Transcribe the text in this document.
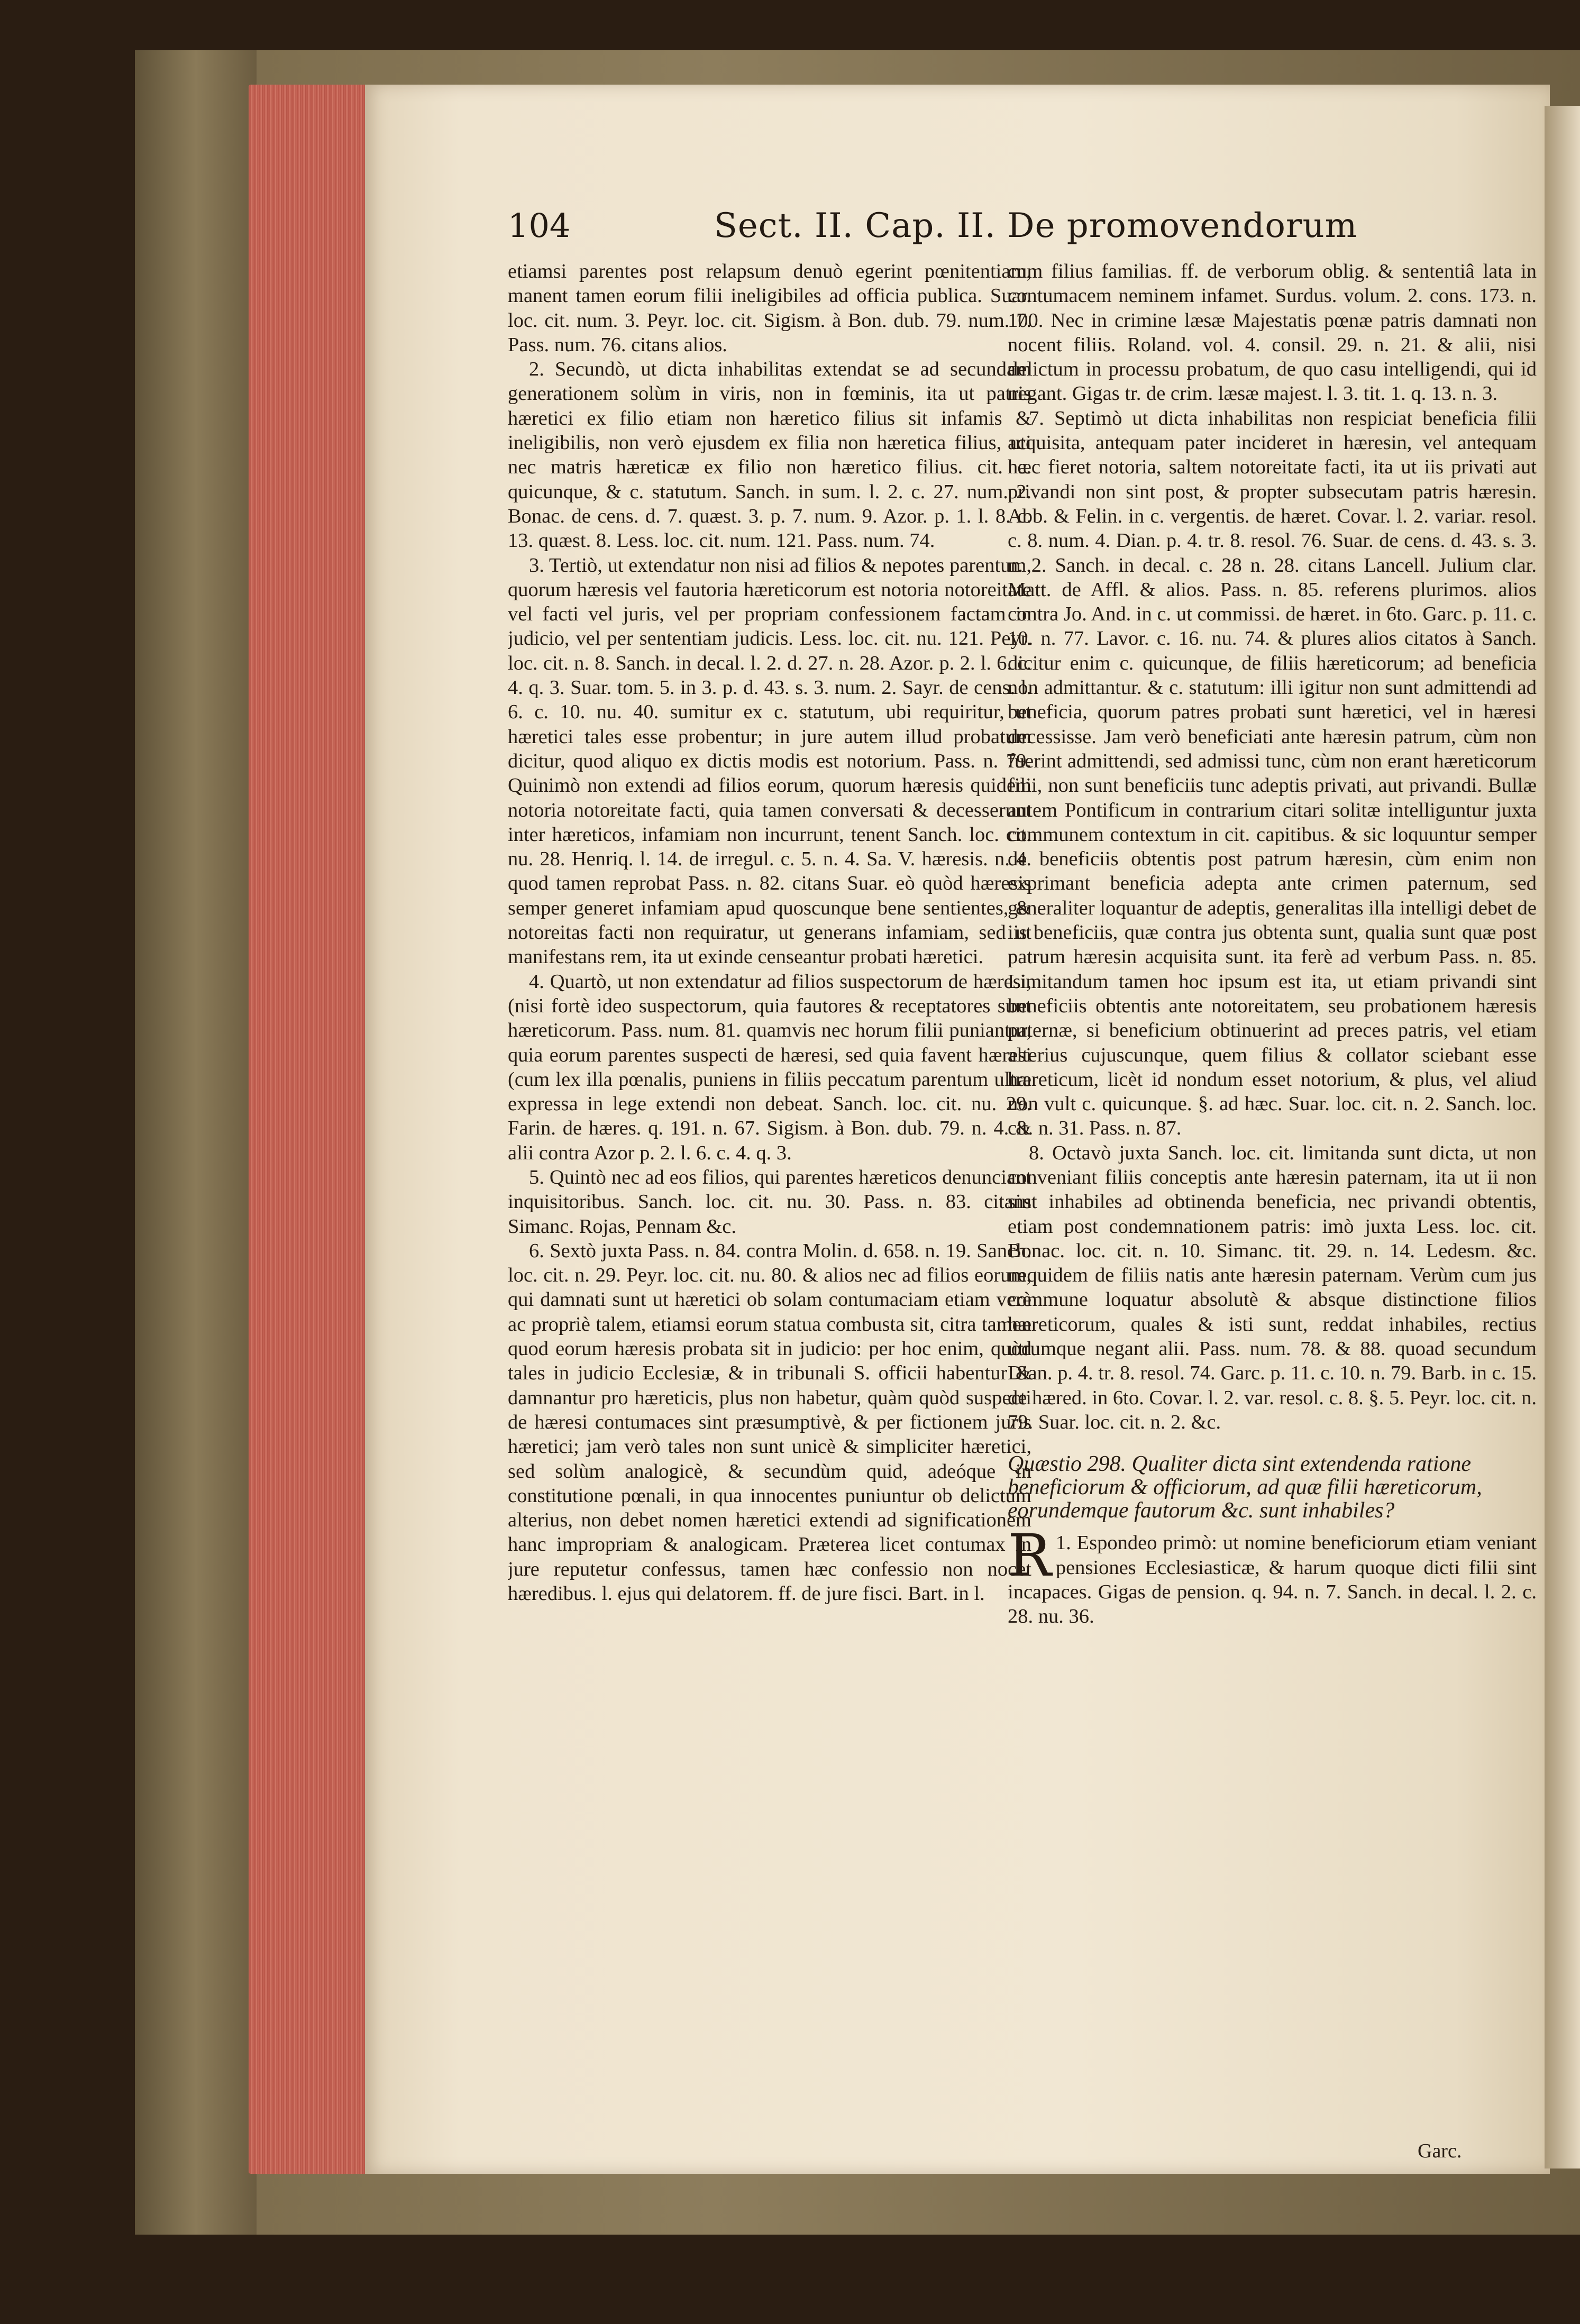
104	Sect. II. Cap. II. De promovendorum

etiamsi parentes post relapsum denuò egerint pœnitentiam, manent tamen eorum filii ineligibiles ad officia publica. Suar. loc. cit. num. 3. Peyr. loc. cit. Sigism. à Bon. dub. 79. num. 7. Pass. num. 76. citans alios.

2. Secundò, ut dicta inhabilitas extendat se ad secundam generationem solùm in viris, non in fœminis, ita ut patris hæretici ex filio etiam non hæretico filius sit infamis & ineligibilis, non verò ejusdem ex filia non hæretica filius, uti nec matris hæreticæ ex filio non hæretico filius. cit. c. quicunque, & c. statutum. Sanch. in sum. l. 2. c. 27. num. 2. Bonac. de cens. d. 7. quæst. 3. p. 7. num. 9. Azor. p. 1. l. 8. c. 13. quæst. 8. Less. loc. cit. num. 121. Pass. num. 74.

3. Tertiò, ut extendatur non nisi ad filios & nepotes parentum, quorum hæresis vel fautoria hæreticorum est notoria notoreitate vel facti vel juris, vel per propriam confessionem factam in judicio, vel per sententiam judicis. Less. loc. cit. nu. 121. Peyr. loc. cit. n. 8. Sanch. in decal. l. 2. d. 27. n. 28. Azor. p. 2. l. 6. c. 4. q. 3. Suar. tom. 5. in 3. p. d. 43. s. 3. num. 2. Sayr. de cens. l. 6. c. 10. nu. 40. sumitur ex c. statutum, ubi requiritur, ut hæretici tales esse probentur; in jure autem illud probatum dicitur, quod aliquo ex dictis modis est notorium. Pass. n. 79. Quinimò non extendi ad filios eorum, quorum hæresis quidem notoria notoreitate facti, quia tamen conversati & decesserunt inter hæreticos, infamiam non incurrunt, tenent Sanch. loc. cit. nu. 28. Henriq. l. 14. de irregul. c. 5. n. 4. Sa. V. hæresis. n. 4. quod tamen reprobat Pass. n. 82. citans Suar. eò quòd hæresis semper generet infamiam apud quoscunque bene sentientes, & notoreitas facti non requiratur, ut generans infamiam, sed ut manifestans rem, ita ut exinde censeantur probati hæretici.

4. Quartò, ut non extendatur ad filios suspectorum de hæresi, (nisi fortè ideo suspectorum, quia fautores & receptatores sunt hæreticorum. Pass. num. 81. quamvis nec horum filii puniantur, quia eorum parentes suspecti de hæresi, sed quia favent hæresi (cum lex illa pœnalis, puniens in filiis peccatum parentum ultra expressa in lege extendi non debeat. Sanch. loc. cit. nu. 29. Farin. de hæres. q. 191. n. 67. Sigism. à Bon. dub. 79. n. 4. & alii contra Azor p. 2. l. 6. c. 4. q. 3.

5. Quintò nec ad eos filios, qui parentes hæreticos denunciant inquisitoribus. Sanch. loc. cit. nu. 30. Pass. n. 83. citans Simanc. Rojas, Pennam &c.

6. Sextò juxta Pass. n. 84. contra Molin. d. 658. n. 19. Sanch. loc. cit. n. 29. Peyr. loc. cit. nu. 80. & alios nec ad filios eorum, qui damnati sunt ut hæretici ob solam contumaciam etiam verè ac propriè talem, etiamsi eorum statua combusta sit, citra tamen quod eorum hæresis probata sit in judicio: per hoc enim, quòd tales in judicio Ecclesiæ, & in tribunali S. officii habentur & damnantur pro hæreticis, plus non habetur, quàm quòd suspecti de hæresi contumaces sint præsumptivè, & per fictionem juris hæretici; jam verò tales non sunt unicè & simpliciter hæretici, sed solùm analogicè, & secundùm quid, adeóque in constitutione pœnali, in qua innocentes puniuntur ob delictum alterius, non debet nomen hæretici extendi ad significationem hanc impropriam & analogicam. Præterea licet contumax in jure reputetur confessus, tamen hæc confessio non nocet hæredibus. l. ejus qui delatorem. ff. de jure fisci. Bart. in l.

cum filius familias. ff. de verborum oblig. & sententiâ lata in contumacem neminem infamet. Surdus. volum. 2. cons. 173. n. 100. Nec in crimine læsæ Majestatis pœnæ patris damnati non nocent filiis. Roland. vol. 4. consil. 29. n. 21. & alii, nisi delictum in processu probatum, de quo casu intelligendi, qui id negant. Gigas tr. de crim. læsæ majest. l. 3. tit. 1. q. 13. n. 3.

7. Septimò ut dicta inhabilitas non respiciat beneficia filii acquisita, antequam pater incideret in hæresin, vel antequam hæc fieret notoria, saltem notoreitate facti, ita ut iis privati aut privandi non sint post, & propter subsecutam patris hæresin. Abb. & Felin. in c. vergentis. de hæret. Covar. l. 2. variar. resol. c. 8. num. 4. Dian. p. 4. tr. 8. resol. 76. Suar. de cens. d. 43. s. 3. n. 2. Sanch. in decal. c. 28 n. 28. citans Lancell. Julium clar. Matt. de Affl. & alios. Pass. n. 85. referens plurimos. alios contra Jo. And. in c. ut commissi. de hæret. in 6to. Garc. p. 11. c. 10. n. 77. Lavor. c. 16. nu. 74. & plures alios citatos à Sanch. dicitur enim c. quicunque, de filiis hæreticorum; ad beneficia non admittantur. & c. statutum: illi igitur non sunt admittendi ad beneficia, quorum patres probati sunt hæretici, vel in hæresi decessisse. Jam verò beneficiati ante hæresin patrum, cùm non fuerint admittendi, sed admissi tunc, cùm non erant hæreticorum filii, non sunt beneficiis tunc adeptis privati, aut privandi. Bullæ autem Pontificum in contrarium citari solitæ intelliguntur juxta communem contextum in cit. capitibus. & sic loquuntur semper de beneficiis obtentis post patrum hæresin, cùm enim non exprimant beneficia adepta ante crimen paternum, sed generaliter loquantur de adeptis, generalitas illa intelligi debet de iis beneficiis, quæ contra jus obtenta sunt, qualia sunt quæ post patrum hæresin acquisita sunt. ita ferè ad verbum Pass. n. 85. Limitandum tamen hoc ipsum est ita, ut etiam privandi sint beneficiis obtentis ante notoreitatem, seu probationem hæresis paternæ, si beneficium obtinuerint ad preces patris, vel etiam alterius cujuscunque, quem filius & collator sciebant esse hæreticum, licèt id nondum esset notorium, & plus, vel aliud non vult c. quicunque. §. ad hæc. Suar. loc. cit. n. 2. Sanch. loc. cit. n. 31. Pass. n. 87.

8. Octavò juxta Sanch. loc. cit. limitanda sunt dicta, ut non conveniant filiis conceptis ante hæresin paternam, ita ut ii non sint inhabiles ad obtinenda beneficia, nec privandi obtentis, etiam post condemnationem patris: imò juxta Less. loc. cit. Bonac. loc. cit. n. 10. Simanc. tit. 29. n. 14. Ledesm. &c. nequidem de filiis natis ante hæresin paternam. Verùm cum jus commune loquatur absolutè & absque distinctione filios hæreticorum, quales & isti sunt, reddat inhabiles, rectius utrumque negant alii. Pass. num. 78. & 88. quoad secundum Dian. p. 4. tr. 8. resol. 74. Garc. p. 11. c. 10. n. 79. Barb. in c. 15. de hæred. in 6to. Covar. l. 2. var. resol. c. 8. §. 5. Peyr. loc. cit. n. 79. Suar. loc. cit. n. 2. &c.

Quæstio 298. Qualiter dicta sint extendenda ratione beneficiorum & officiorum, ad quæ filii hæreticorum, eorundemque fautorum &c. sunt inhabiles?

1.
R Espondeo primò: ut nomine beneficiorum etiam veniant pensiones Ecclesiasticæ, & harum quoque dicti filii sint incapaces. Gigas de pension. q. 94. n. 7. Sanch. in decal. l. 2. c. 28. nu. 36.

Garc.
